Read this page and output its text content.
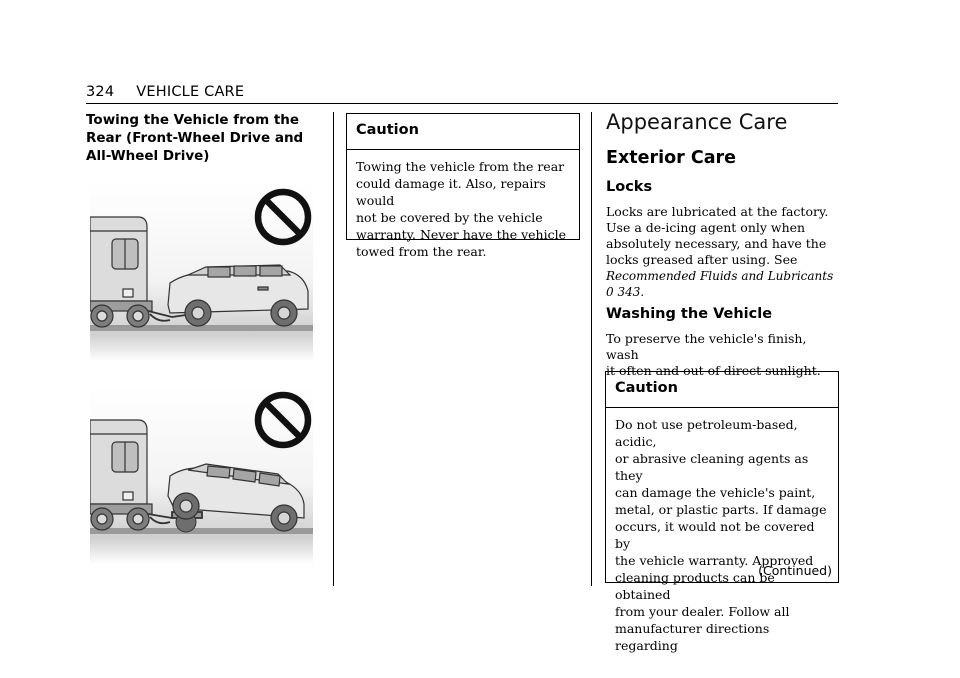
324 VEHICLE CARE
Towing the Vehicle from the
Rear (Front-Wheel Drive and
All-Wheel Drive)
Caution
Towing the vehicle from the rear
could damage it. Also, repairs would
not be covered by the vehicle
warranty. Never have the vehicle
towed from the rear.
Appearance Care
Exterior Care
Locks
Locks are lubricated at the factory.
Use a de-icing agent only when
absolutely necessary, and have the
locks greased after using. See
Recommended Fluids and Lubricants
0 343.
Washing the Vehicle
To preserve the vehicle's finish, wash
it often and out of direct sunlight.
Caution
Do not use petroleum-based, acidic,
or abrasive cleaning agents as they
can damage the vehicle's paint,
metal, or plastic parts. If damage
occurs, it would not be covered by
the vehicle warranty. Approved
cleaning products can be obtained
from your dealer. Follow all
manufacturer directions regarding
(Continued)
